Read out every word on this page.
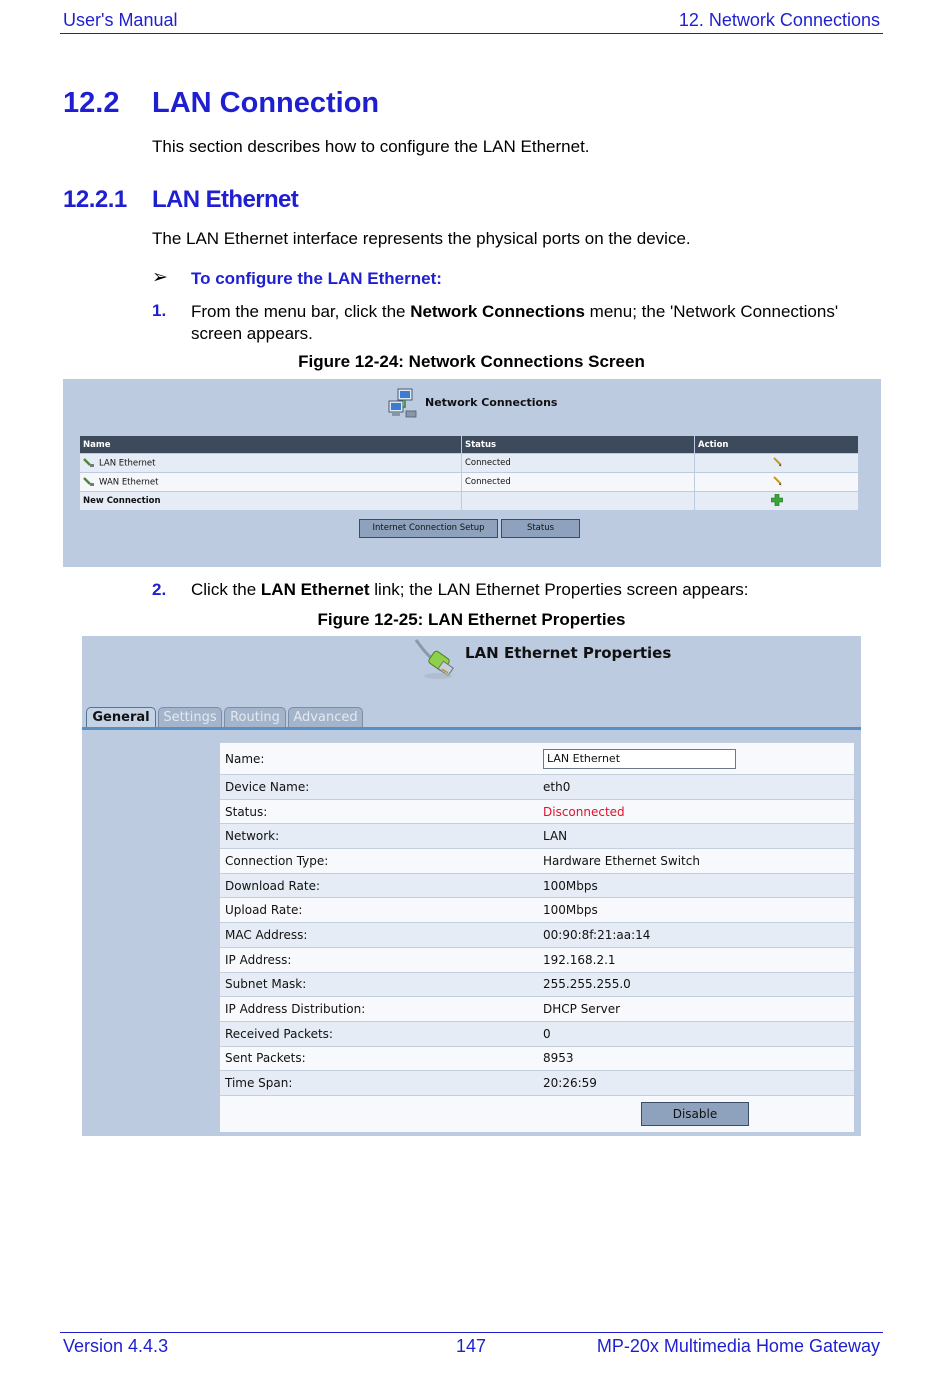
User's Manual	12. Network Connections
12.2 LAN Connection
This section describes how to configure the LAN Ethernet.
12.2.1 LAN Ethernet
The LAN Ethernet interface represents the physical ports on the device.
➢ To configure the LAN Ethernet:
1. From the menu bar, click the Network Connections menu; the 'Network Connections' screen appears.
Figure 12-24: Network Connections Screen
Network Connections
Name	Status	Action
LAN Ethernet	Connected	
WAN Ethernet	Connected	
New Connection		
Internet Connection Setup	Status
2. Click the LAN Ethernet link; the LAN Ethernet Properties screen appears:
Figure 12-25: LAN Ethernet Properties
LAN Ethernet Properties
General	Settings	Routing	Advanced
Name:	LAN Ethernet
Device Name:	eth0
Status:	Disconnected
Network:	LAN
Connection Type:	Hardware Ethernet Switch
Download Rate:	100Mbps
Upload Rate:	100Mbps
MAC Address:	00:90:8f:21:aa:14
IP Address:	192.168.2.1
Subnet Mask:	255.255.255.0
IP Address Distribution:	DHCP Server
Received Packets:	0
Sent Packets:	8953
Time Span:	20:26:59
	Disable
Version 4.4.3	147	MP-20x Multimedia Home Gateway
